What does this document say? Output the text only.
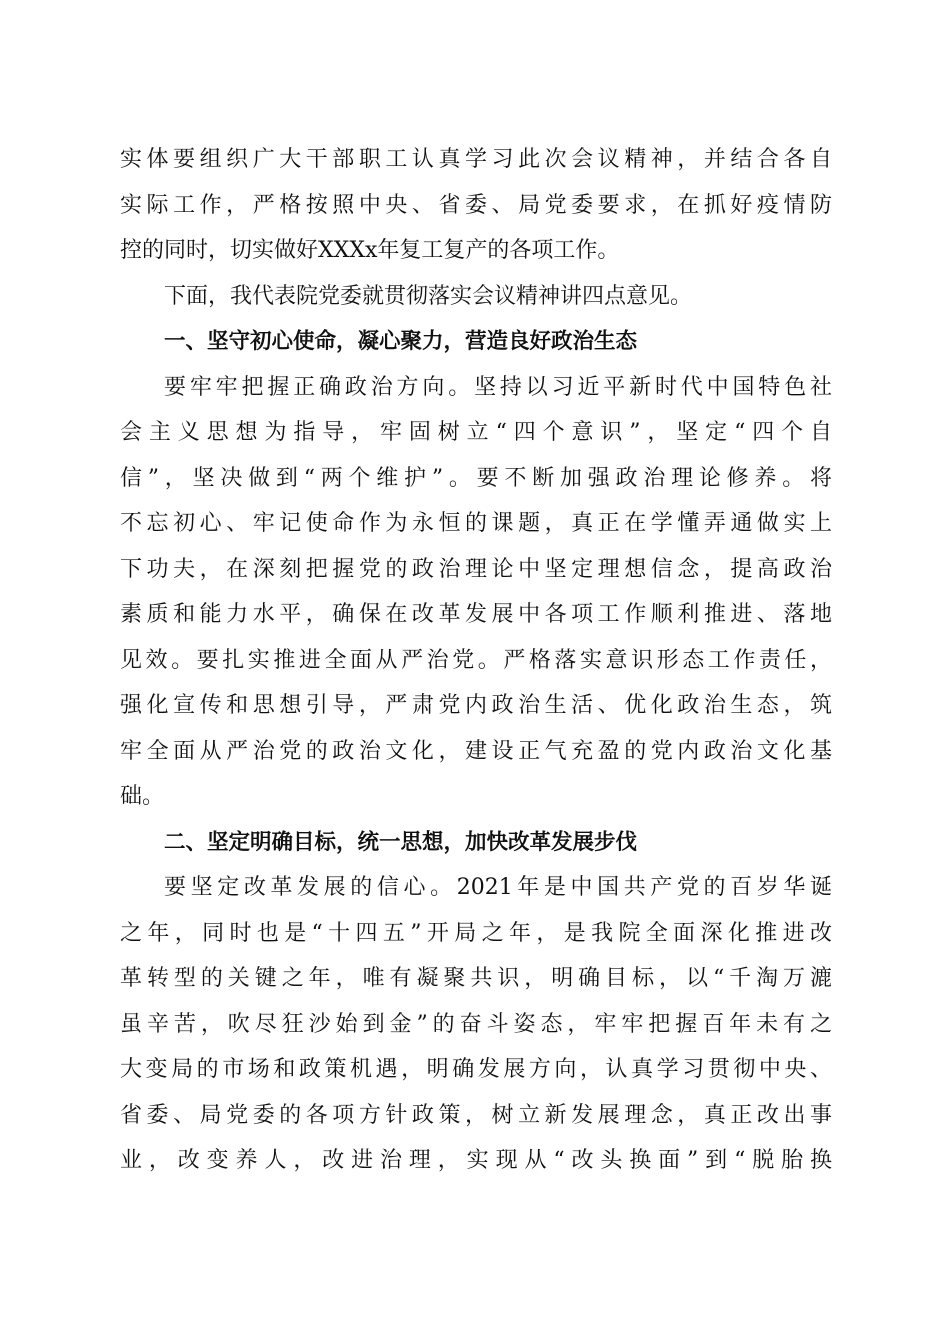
实体要组织广大干部职工认真学习此次会议精神，并结合各自
实际工作，严格按照中央、省委、局党委要求，在抓好疫情防
控的同时，切实做好XXXx年复工复产的各项工作。
下面，我代表院党委就贯彻落实会议精神讲四点意见。
一、坚守初心使命，凝心聚力，营造良好政治生态
要牢牢把握正确政治方向。坚持以习近平新时代中国特色社
会主义思想为指导，牢固树立“四个意识”，坚定“四个自
信”，坚决做到“两个维护”。要不断加强政治理论修养。将
不忘初心、牢记使命作为永恒的课题，真正在学懂弄通做实上
下功夫，在深刻把握党的政治理论中坚定理想信念，提高政治
素质和能力水平，确保在改革发展中各项工作顺利推进、落地
见效。要扎实推进全面从严治党。严格落实意识形态工作责任，
强化宣传和思想引导，严肃党内政治生活、优化政治生态，筑
牢全面从严治党的政治文化，建设正气充盈的党内政治文化基
础。
二、坚定明确目标，统一思想，加快改革发展步伐
要坚定改革发展的信心。2021年是中国共产党的百岁华诞
之年，同时也是“十四五”开局之年，是我院全面深化推进改
革转型的关键之年，唯有凝聚共识，明确目标，以“千淘万漉
虽辛苦，吹尽狂沙始到金”的奋斗姿态，牢牢把握百年未有之
大变局的市场和政策机遇，明确发展方向，认真学习贯彻中央、
省委、局党委的各项方针政策，树立新发展理念，真正改出事
业，改变养人，改进治理，实现从“改头换面”到“脱胎换
